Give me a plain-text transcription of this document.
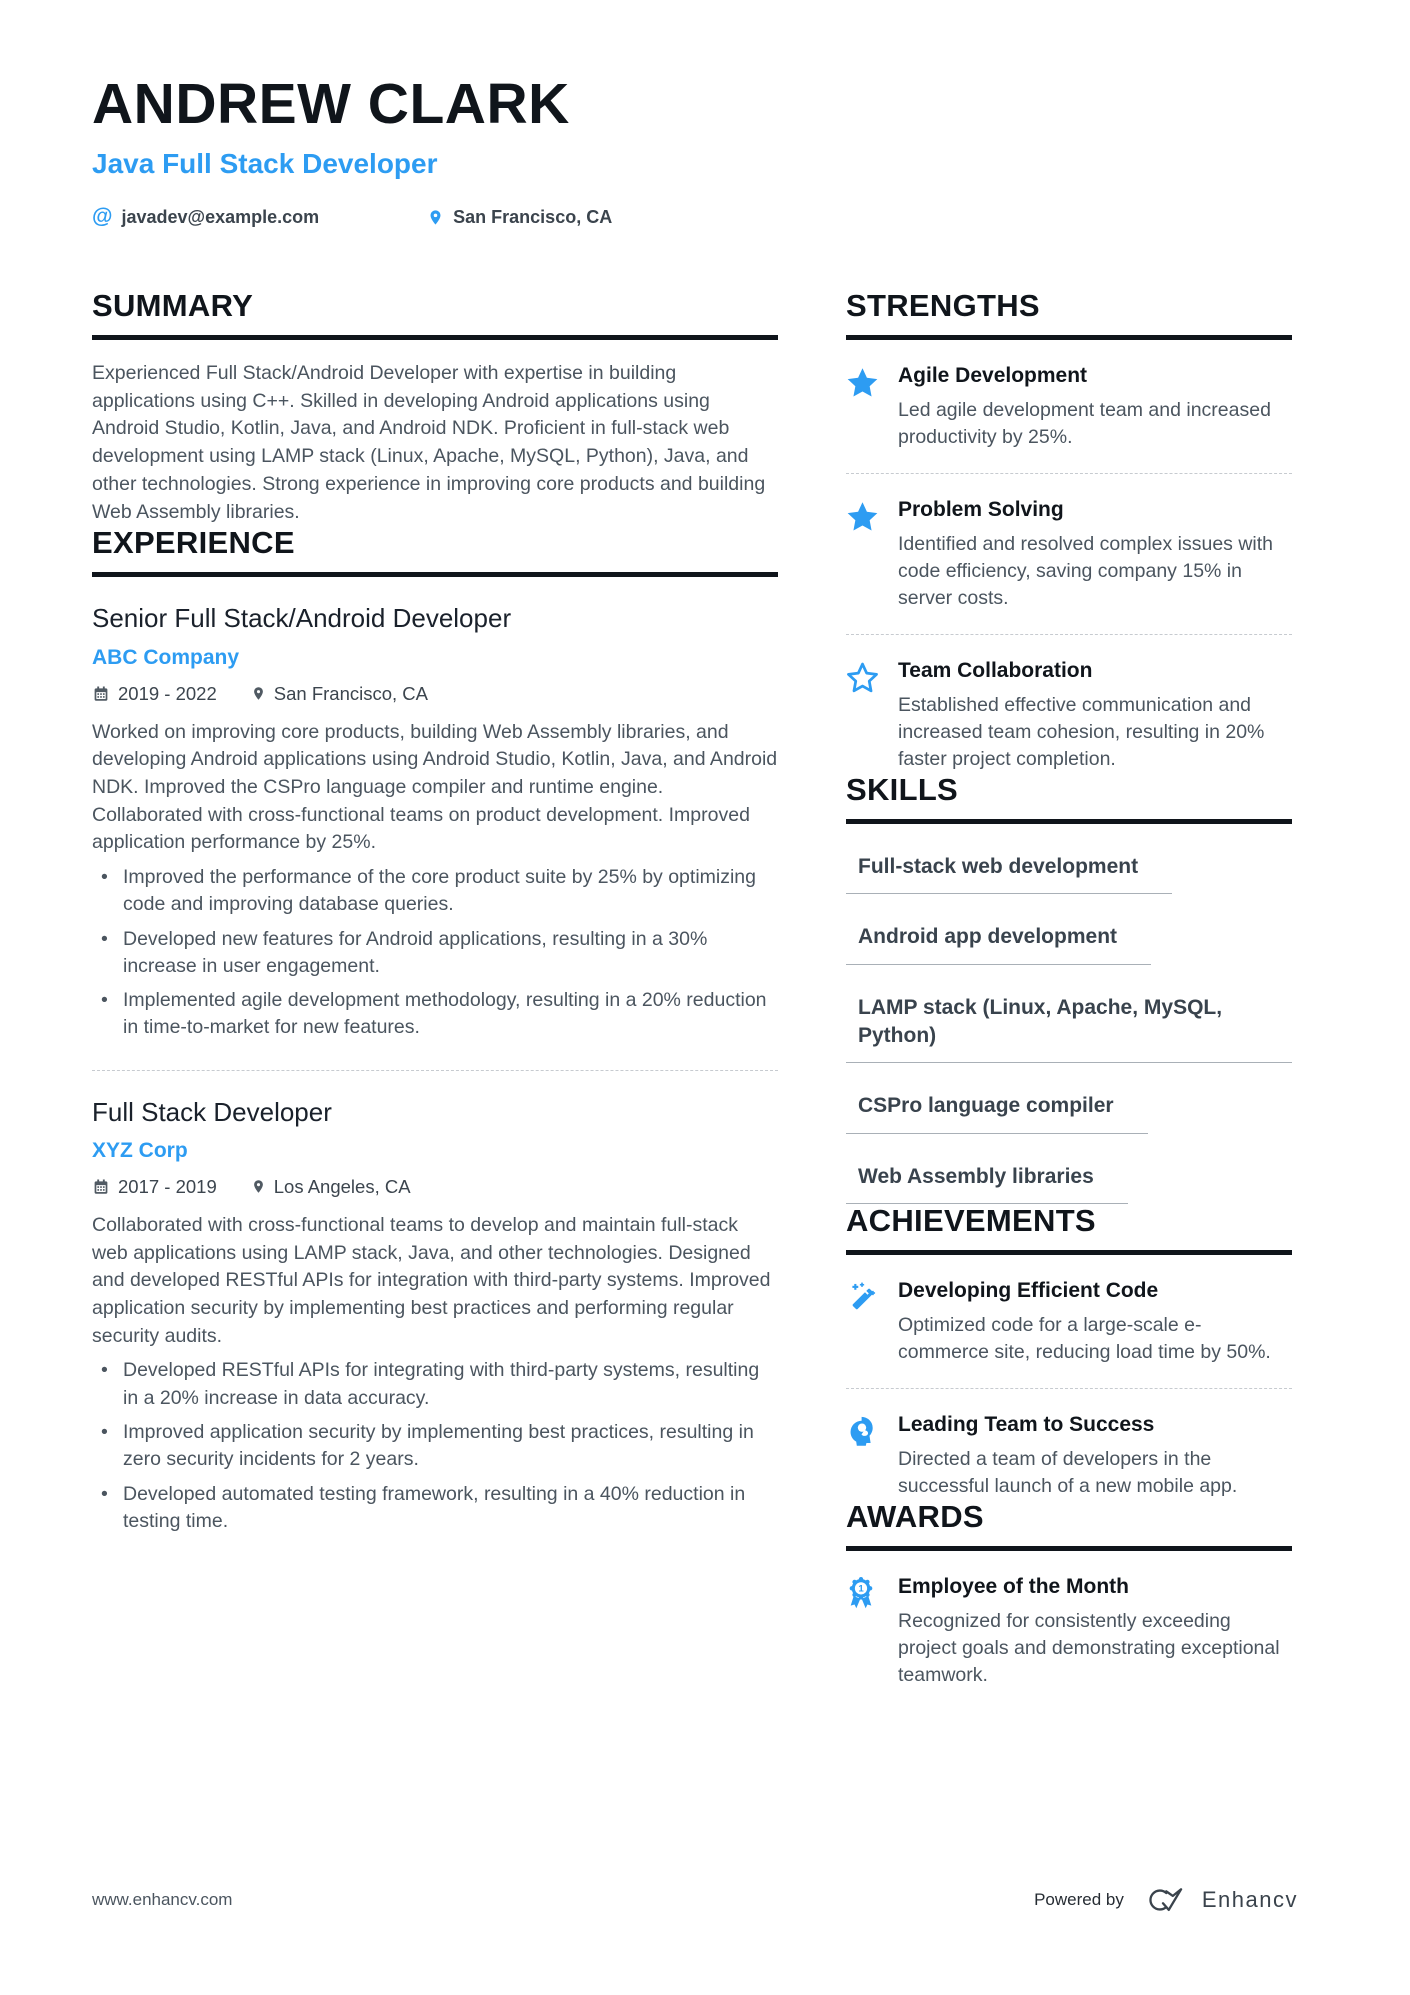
ANDREW CLARK
Java Full Stack Developer
@ javadev@example.com	San Francisco, CA
SUMMARY
Experienced Full Stack/Android Developer with expertise in building applications using C++. Skilled in developing Android applications using Android Studio, Kotlin, Java, and Android NDK. Proficient in full-stack web development using LAMP stack (Linux, Apache, MySQL, Python), Java, and other technologies. Strong experience in improving core products and building Web Assembly libraries.
EXPERIENCE
Senior Full Stack/Android Developer
ABC Company
2019 - 2022	San Francisco, CA
Worked on improving core products, building Web Assembly libraries, and developing Android applications using Android Studio, Kotlin, Java, and Android NDK. Improved the CSPro language compiler and runtime engine. Collaborated with cross-functional teams on product development. Improved application performance by 25%.
• Improved the performance of the core product suite by 25% by optimizing code and improving database queries.
• Developed new features for Android applications, resulting in a 30% increase in user engagement.
• Implemented agile development methodology, resulting in a 20% reduction in time-to-market for new features.
Full Stack Developer
XYZ Corp
2017 - 2019	Los Angeles, CA
Collaborated with cross-functional teams to develop and maintain full-stack web applications using LAMP stack, Java, and other technologies. Designed and developed RESTful APIs for integration with third-party systems. Improved application security by implementing best practices and performing regular security audits.
• Developed RESTful APIs for integrating with third-party systems, resulting in a 20% increase in data accuracy.
• Improved application security by implementing best practices, resulting in zero security incidents for 2 years.
• Developed automated testing framework, resulting in a 40% reduction in testing time.
STRENGTHS
Agile Development
Led agile development team and increased productivity by 25%.
Problem Solving
Identified and resolved complex issues with code efficiency, saving company 15% in server costs.
Team Collaboration
Established effective communication and increased team cohesion, resulting in 20% faster project completion.
SKILLS
Full-stack web development
Android app development
LAMP stack (Linux, Apache, MySQL, Python)
CSPro language compiler
Web Assembly libraries
ACHIEVEMENTS
Developing Efficient Code
Optimized code for a large-scale e-commerce site, reducing load time by 50%.
Leading Team to Success
Directed a team of developers in the successful launch of a new mobile app.
AWARDS
1 Employee of the Month
Recognized for consistently exceeding project goals and demonstrating exceptional teamwork.
www.enhancv.com	Powered by	Enhancv
